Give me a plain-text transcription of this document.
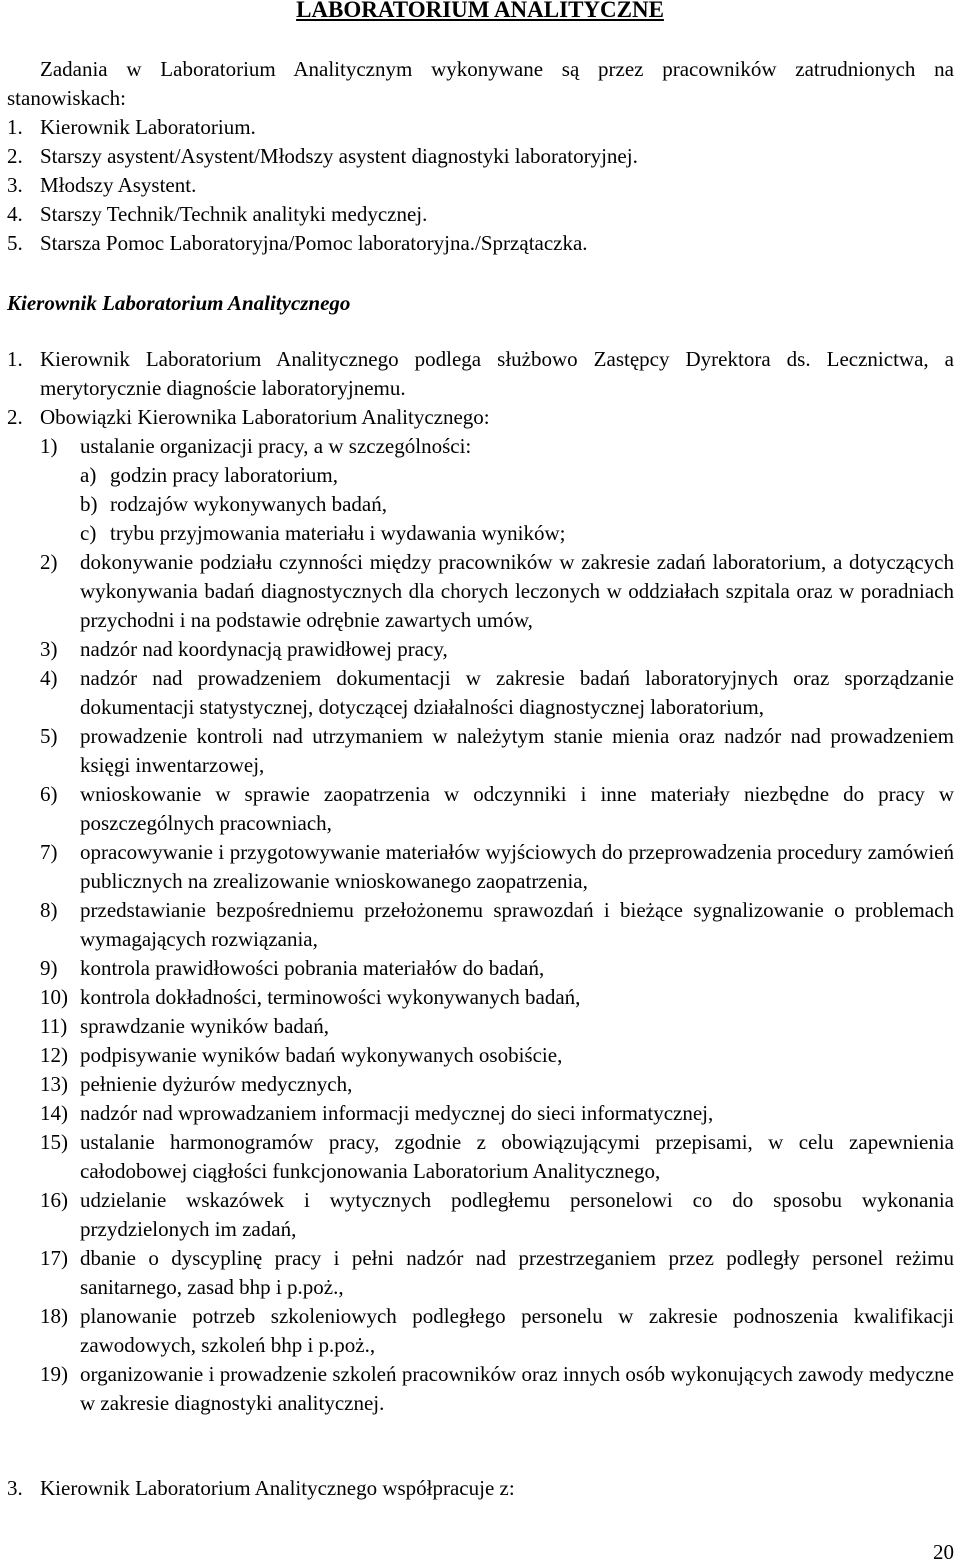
LABORATORIUM ANALITYCZNE
Zadania w Laboratorium Analitycznym wykonywane są przez pracowników zatrudnionych na stanowiskach:
1. Kierownik Laboratorium.
2. Starszy asystent/Asystent/Młodszy asystent diagnostyki laboratoryjnej.
3. Młodszy Asystent.
4. Starszy Technik/Technik analityki medycznej.
5. Starsza Pomoc Laboratoryjna/Pomoc laboratoryjna./Sprzątaczka.
Kierownik Laboratorium Analitycznego
1. Kierownik Laboratorium Analitycznego podlega służbowo Zastępcy Dyrektora ds. Lecznictwa, a merytorycznie diagnoście laboratoryjnemu.
2. Obowiązki Kierownika Laboratorium Analitycznego:
1) ustalanie organizacji pracy, a w szczególności:
a) godzin pracy laboratorium,
b) rodzajów wykonywanych badań,
c) trybu przyjmowania materiału i wydawania wyników;
2) dokonywanie podziału czynności między pracowników w zakresie zadań laboratorium, a dotyczących wykonywania badań diagnostycznych dla chorych leczonych w oddziałach szpitala oraz w poradniach przychodni i na podstawie odrębnie zawartych umów,
3) nadzór nad koordynacją prawidłowej pracy,
4) nadzór nad prowadzeniem dokumentacji w zakresie badań laboratoryjnych oraz sporządzanie dokumentacji statystycznej, dotyczącej działalności diagnostycznej laboratorium,
5) prowadzenie kontroli nad utrzymaniem w należytym stanie mienia oraz nadzór nad prowadzeniem księgi inwentarzowej,
6) wnioskowanie w sprawie zaopatrzenia w odczynniki i inne materiały niezbędne do pracy w poszczególnych pracowniach,
7) opracowywanie i przygotowywanie materiałów wyjściowych do przeprowadzenia procedury zamówień publicznych na zrealizowanie wnioskowanego zaopatrzenia,
8) przedstawianie bezpośredniemu przełożonemu sprawozdań i bieżące sygnalizowanie o problemach wymagających rozwiązania,
9) kontrola prawidłowości pobrania materiałów do badań,
10) kontrola dokładności, terminowości wykonywanych badań,
11) sprawdzanie wyników badań,
12) podpisywanie wyników badań wykonywanych osobiście,
13) pełnienie dyżurów medycznych,
14) nadzór nad wprowadzaniem informacji medycznej do sieci informatycznej,
15) ustalanie harmonogramów pracy, zgodnie z obowiązującymi przepisami, w celu zapewnienia całodobowej ciągłości funkcjonowania Laboratorium Analitycznego,
16) udzielanie wskazówek i wytycznych podległemu personelowi co do sposobu wykonania przydzielonych im zadań,
17) dbanie o dyscyplinę pracy i pełni nadzór nad przestrzeganiem przez podległy personel reżimu sanitarnego, zasad bhp i p.poż.,
18) planowanie potrzeb szkoleniowych podległego personelu w zakresie podnoszenia kwalifikacji zawodowych, szkoleń bhp i p.poż.,
19) organizowanie i prowadzenie szkoleń pracowników oraz innych osób wykonujących zawody medyczne w zakresie diagnostyki analitycznej.
3. Kierownik Laboratorium Analitycznego współpracuje z:
20
